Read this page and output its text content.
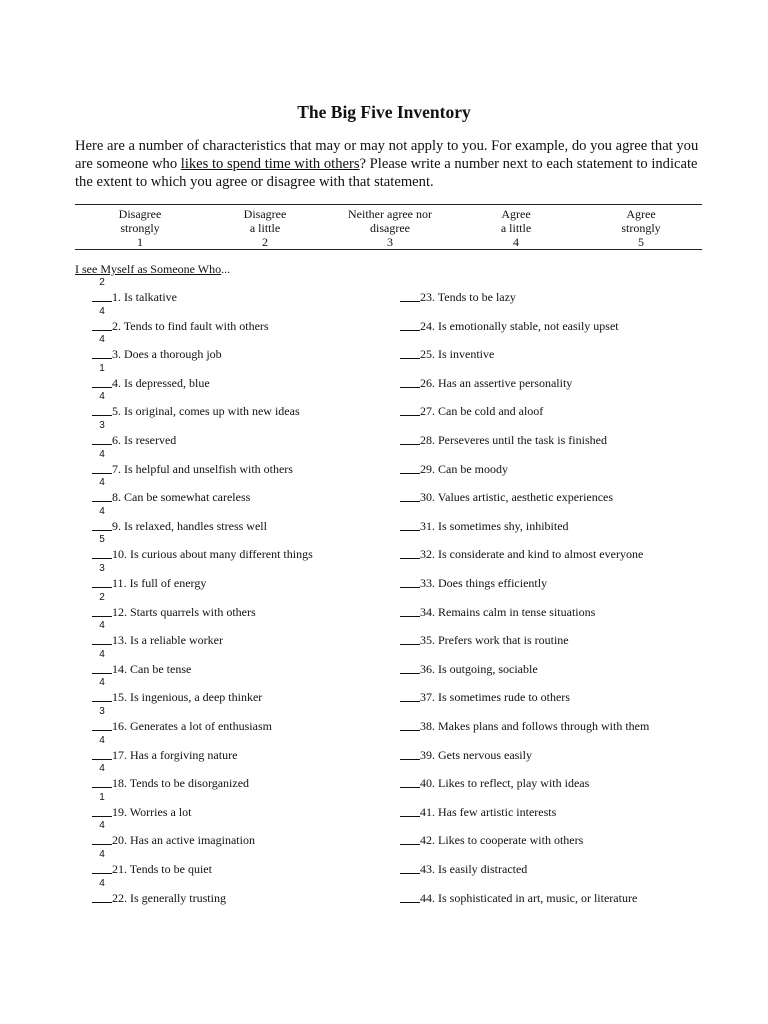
The Big Five Inventory
Here are a number of characteristics that may or may not apply to you. For example, do you agree that you are someone who likes to spend time with others? Please write a number next to each statement to indicate the extent to which you agree or disagree with that statement.
Disagree
strongly
1
Disagree
a little
2
Neither agree nor
disagree
3
Agree
a little
4
Agree
strongly
5
I see Myself as Someone Who...
2
1. Is talkative
4
2. Tends to find fault with others
4
3. Does a thorough job
1
4. Is depressed, blue
4
5. Is original, comes up with new ideas
3
6. Is reserved
4
7. Is helpful and unselfish with others
4
8. Can be somewhat careless
4
9. Is relaxed, handles stress well
5
10. Is curious about many different things
3
11. Is full of energy
2
12. Starts quarrels with others
4
13. Is a reliable worker
4
14. Can be tense
4
15. Is ingenious, a deep thinker
3
16. Generates a lot of enthusiasm
4
17. Has a forgiving nature
4
18. Tends to be disorganized
1
19. Worries a lot
4
20. Has an active imagination
4
21. Tends to be quiet
4
22. Is generally trusting
23. Tends to be lazy
24. Is emotionally stable, not easily upset
25. Is inventive
26. Has an assertive personality
27. Can be cold and aloof
28. Perseveres until the task is finished
29. Can be moody
30. Values artistic, aesthetic experiences
31. Is sometimes shy, inhibited
32. Is considerate and kind to almost everyone
33. Does things efficiently
34. Remains calm in tense situations
35. Prefers work that is routine
36. Is outgoing, sociable
37. Is sometimes rude to others
38. Makes plans and follows through with them
39. Gets nervous easily
40. Likes to reflect, play with ideas
41. Has few artistic interests
42. Likes to cooperate with others
43. Is easily distracted
44. Is sophisticated in art, music, or literature
